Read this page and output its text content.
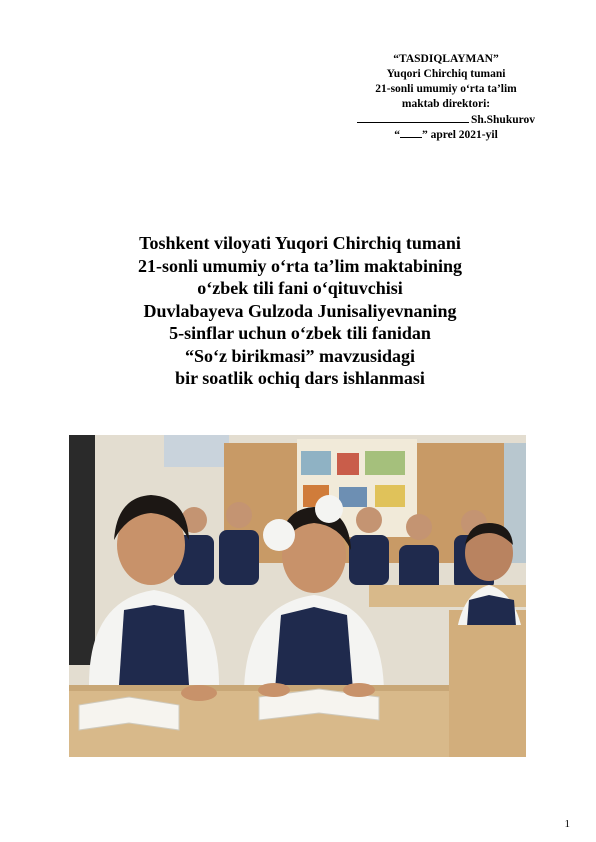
“TASDIQLAYMAN”
Yuqori Chirchiq tumani
21-sonli umumiy o‘rta ta’lim
maktab direktori:
Sh.Shukurov
“ ” aprel 2021-yil
Toshkent viloyati Yuqori Chirchiq tumani
21-sonli umumiy o‘rta ta’lim maktabining
o‘zbek tili fani o‘qituvchisi
Duvlabayeva Gulzoda Junisaliyevnaning
5-sinflar uchun o‘zbek tili fanidan
“So‘z birikmasi” mavzusidagi
bir soatlik ochiq dars ishlanmasi
1
